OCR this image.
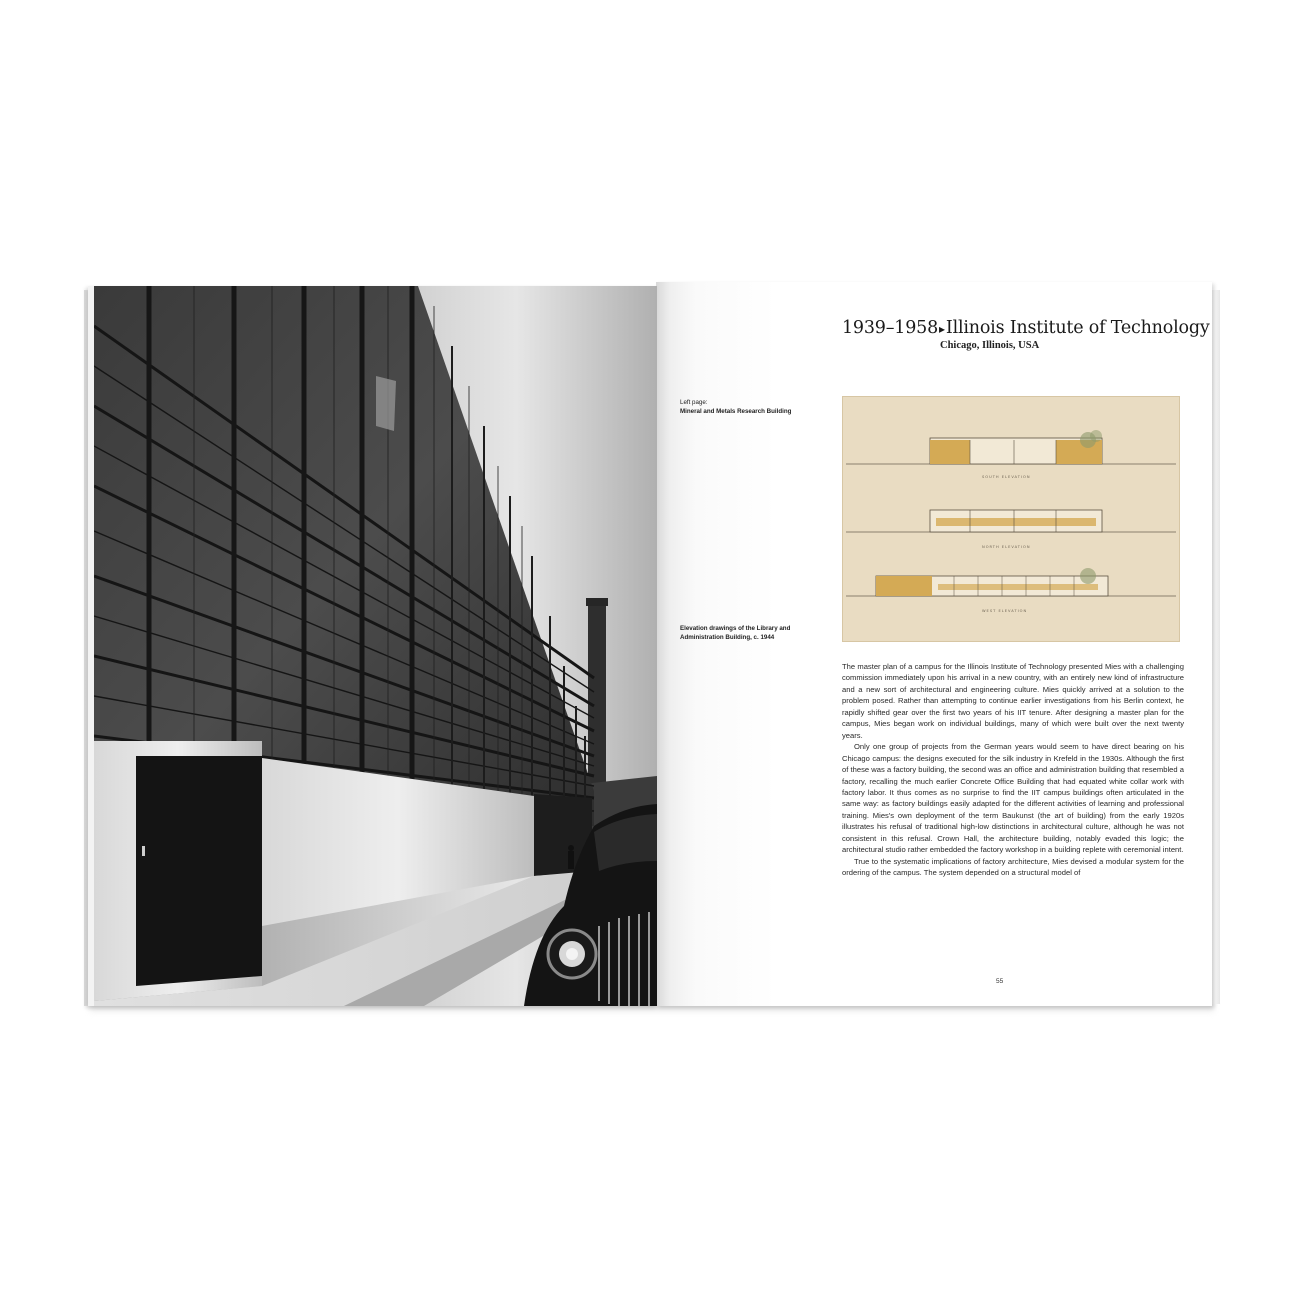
1939–1958▸Illinois Institute of Technology
Chicago, Illinois, USA
Left page:
Mineral and Metals Research Building
Elevation drawings of the Library and Administration Building, c. 1944
SOUTH ELEVATION
NORTH ELEVATION
WEST ELEVATION

The master plan of a campus for the Illinois Institute of Technology presented Mies with a challenging commission immediately upon his arrival in a new country, with an entirely new kind of infrastructure and a new sort of architectural and engineering culture. Mies quickly arrived at a solution to the problem posed. Rather than attempting to continue earlier investigations from his Berlin context, he rapidly shifted gear over the first two years of his IIT tenure. After designing a master plan for the campus, Mies began work on individual buildings, many of which were built over the next twenty years.

Only one group of projects from the German years would seem to have direct bearing on his Chicago campus: the designs executed for the silk industry in Krefeld in the 1930s. Although the first of these was a factory building, the second was an office and administration building that resembled a factory, recalling the much earlier Concrete Office Building that had equated white collar work with factory labor. It thus comes as no surprise to find the IIT campus buildings often articulated in the same way: as factory buildings easily adapted for the different activities of learning and professional training. Mies's own deployment of the term Baukunst (the art of building) from the early 1920s illustrates his refusal of traditional high-low distinctions in architectural culture, although he was not consistent in this refusal. Crown Hall, the architecture building, notably evaded this logic; the architectural studio rather embedded the factory workshop in a building replete with ceremonial intent.

True to the systematic implications of factory architecture, Mies devised a modular system for the ordering of the campus. The system depended on a structural model of

55
